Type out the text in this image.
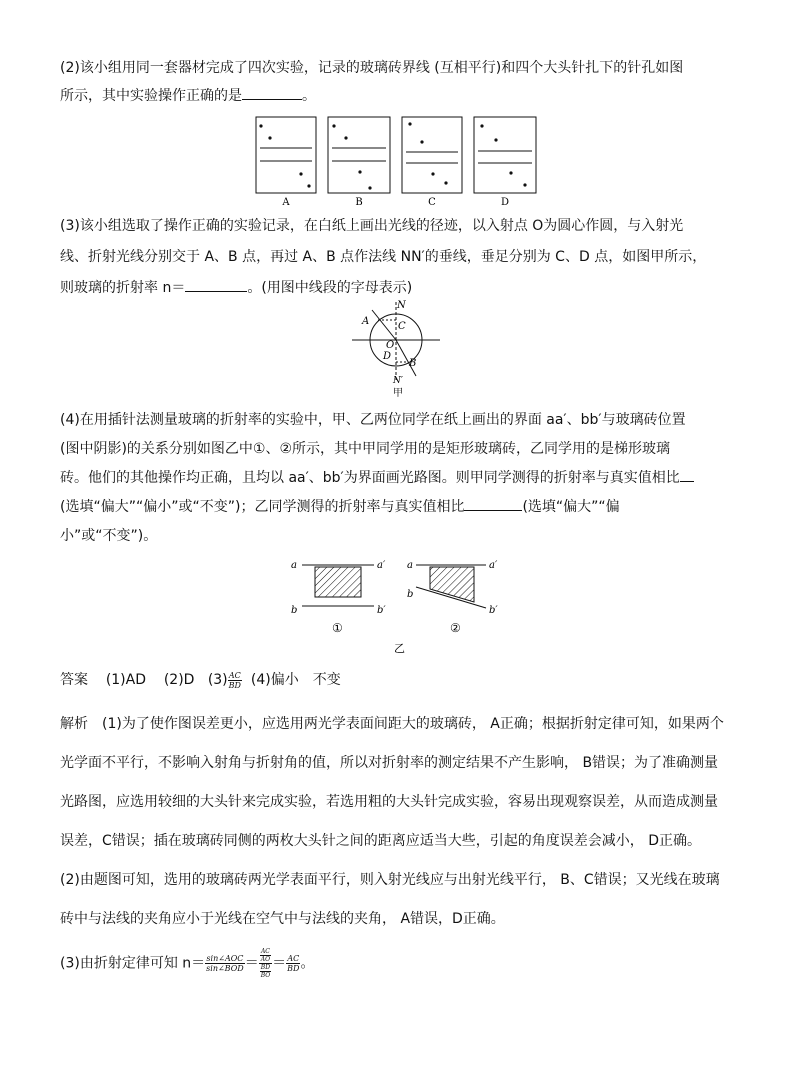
(2)该小组用同一套器材完成了四次实验，记录的玻璃砖界线 (互相平行)和四个大头针扎下的针孔如图
所示，其中实验操作正确的是	。

A	B	C	D

(3)该小组选取了操作正确的实验记录，在白纸上画出光线的径迹，以入射点 O为圆心作圆，与入射光
线、折射光线分别交于 A、B 点，再过 A、B 点作法线 NN′的垂线，垂足分别为 C、D 点，如图甲所示，
则玻璃的折射率 n＝	。(用图中线段的字母表示)

N
A	C
O
D
B
N′
甲

(4)在用插针法测量玻璃的折射率的实验中，甲、乙两位同学在纸上画出的界面 aa′、bb′与玻璃砖位置
(图中阴影)的关系分别如图乙中①、②所示，其中甲同学用的是矩形玻璃砖，乙同学用的是梯形玻璃
砖。他们的其他操作均正确，且均以 aa′、bb′为界面画光路图。则甲同学测得的折射率与真实值相比
(选填“偏大”“偏小”或“不变”)；乙同学测得的折射率与真实值相比	(选填“偏大”“偏
小”或“不变”)。

a	a′
b	b′
①
a	a′
b
b′
②
乙
答案 (1)AD (2)D $(3) \frac{AC}{BD} (4)$偏小　不变
解析　(1)为了使作图误差更小，应选用两光学表面间距大的玻璃砖， A正确；根据折射定律可知，如果两个
光学面不平行，不影响入射角与折射角的值，所以对折射率的测定结果不产生影响， B错误；为了准确测量
光路图，应选用较细的大头针来完成实验，若选用粗的大头针完成实验，容易出现观察误差，从而造成测量
误差，C错误；插在玻璃砖同侧的两枚大头针之间的距离应适当大些，引起的角度误差会减小， D正确。
(2)由题图可知，选用的玻璃砖两光学表面平行，则入射光线应与出射光线平行， B、C错误；又光线在玻璃
砖中与法线的夹角应小于光线在空气中与法线的夹角， A错误，D正确。
(3)由折射定律可知 $n= \frac{\text{sin∠AOC}}{\text{sin∠BOD}} = \frac{\frac{AC}{AO}}{\frac{BD}{BO}} = \frac{AC}{BD}$ 。
